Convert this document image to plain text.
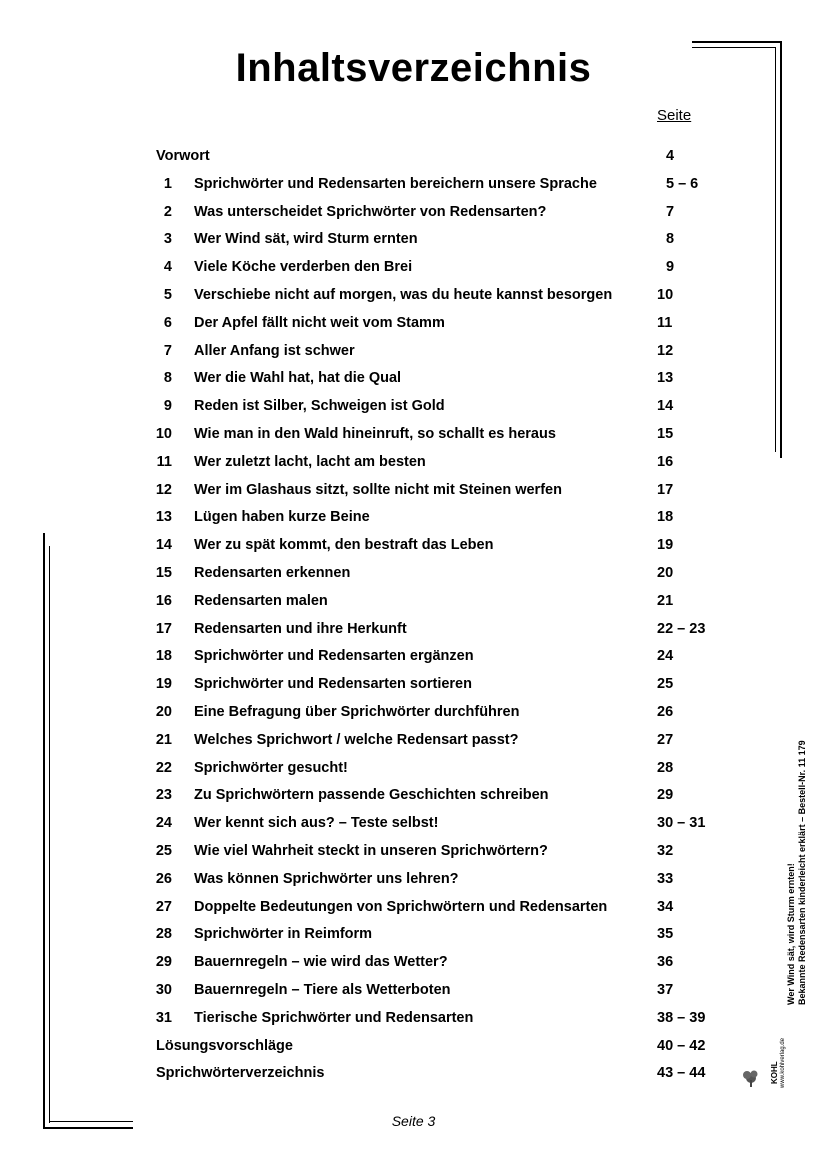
Inhaltsverzeichnis
Seite
Vorwort	4
1 Sprichwörter und Redensarten bereichern unsere Sprache	5 – 6
2 Was unterscheidet Sprichwörter von Redensarten?	7
3 Wer Wind sät, wird Sturm ernten	8
4 Viele Köche verderben den Brei	9
5 Verschiebe nicht auf morgen, was du heute kannst besorgen	10
6 Der Apfel fällt nicht weit vom Stamm	11
7 Aller Anfang ist schwer	12
8 Wer die Wahl hat, hat die Qual	13
9 Reden ist Silber, Schweigen ist Gold	14
10 Wie man in den Wald hineinruft, so schallt es heraus	15
11 Wer zuletzt lacht, lacht am besten	16
12 Wer im Glashaus sitzt, sollte nicht mit Steinen werfen	17
13 Lügen haben kurze Beine	18
14 Wer zu spät kommt, den bestraft das Leben	19
15 Redensarten erkennen	20
16 Redensarten malen	21
17 Redensarten und ihre Herkunft	22 – 23
18 Sprichwörter und Redensarten ergänzen	24
19 Sprichwörter und Redensarten sortieren	25
20 Eine Befragung über Sprichwörter durchführen	26
21 Welches Sprichwort / welche Redensart passt?	27
22 Sprichwörter gesucht!	28
23 Zu Sprichwörtern passende Geschichten schreiben	29
24 Wer kennt sich aus? – Teste selbst!	30 – 31
25 Wie viel Wahrheit steckt in unseren Sprichwörtern?	32
26 Was können Sprichwörter uns lehren?	33
27 Doppelte Bedeutungen von Sprichwörtern und Redensarten	34
28 Sprichwörter in Reimform	35
29 Bauernregeln – wie wird das Wetter?	36
30 Bauernregeln – Tiere als Wetterboten	37
31 Tierische Sprichwörter und Redensarten	38 – 39
Lösungsvorschläge	40 – 42
Sprichwörterverzeichnis	43 – 44
Seite 3
Wer Wind sät, wird Sturm ernten! Bekannte Redensarten kinderleicht erklärt – Bestell-Nr. 11 179
KOHL www.kohlverlag.de
